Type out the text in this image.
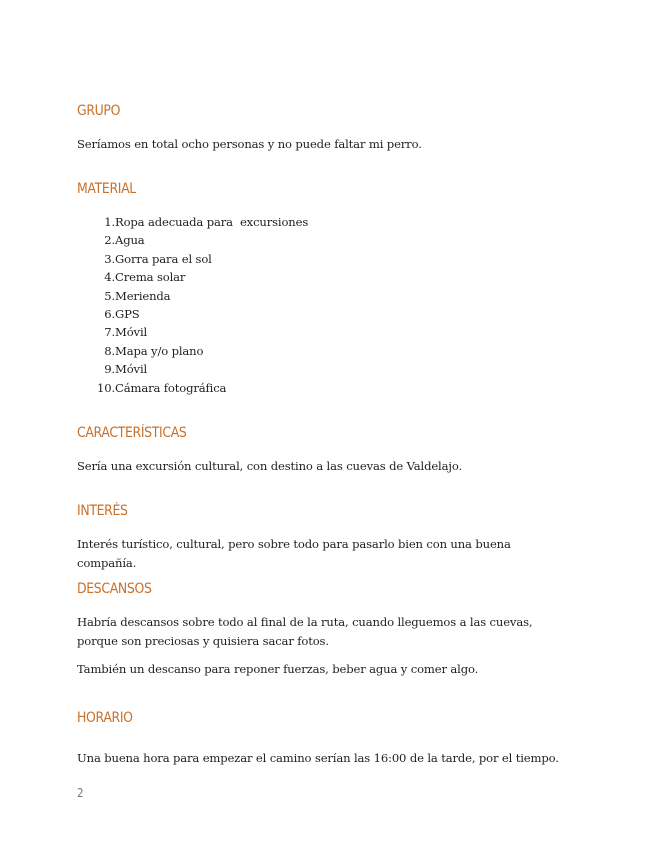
GRUPO

Seríamos en total ocho personas y no puede faltar mi perro.

MATERIAL
1. Ropa adecuada para  excursiones
2. Agua
3. Gorra para el sol
4. Crema solar
5. Merienda
6. GPS
7. Móvil
8. Mapa y/o plano
9. Móvil
10. Cámara fotográfica
CARACTERÍSTICAS

Sería una excursión cultural, con destino a las cuevas de Valdelajo.

INTERÉS

Interés turístico, cultural, pero sobre todo para pasarlo bien con una buena compañía.

DESCANSOS

Habría descansos sobre todo al final de la ruta, cuando lleguemos a las cuevas, porque son preciosas y quisiera sacar fotos.

También un descanso para reponer fuerzas, beber agua y comer algo.

HORARIO

Una buena hora para empezar el camino serían las 16:00 de la tarde, por el tiempo.

2
